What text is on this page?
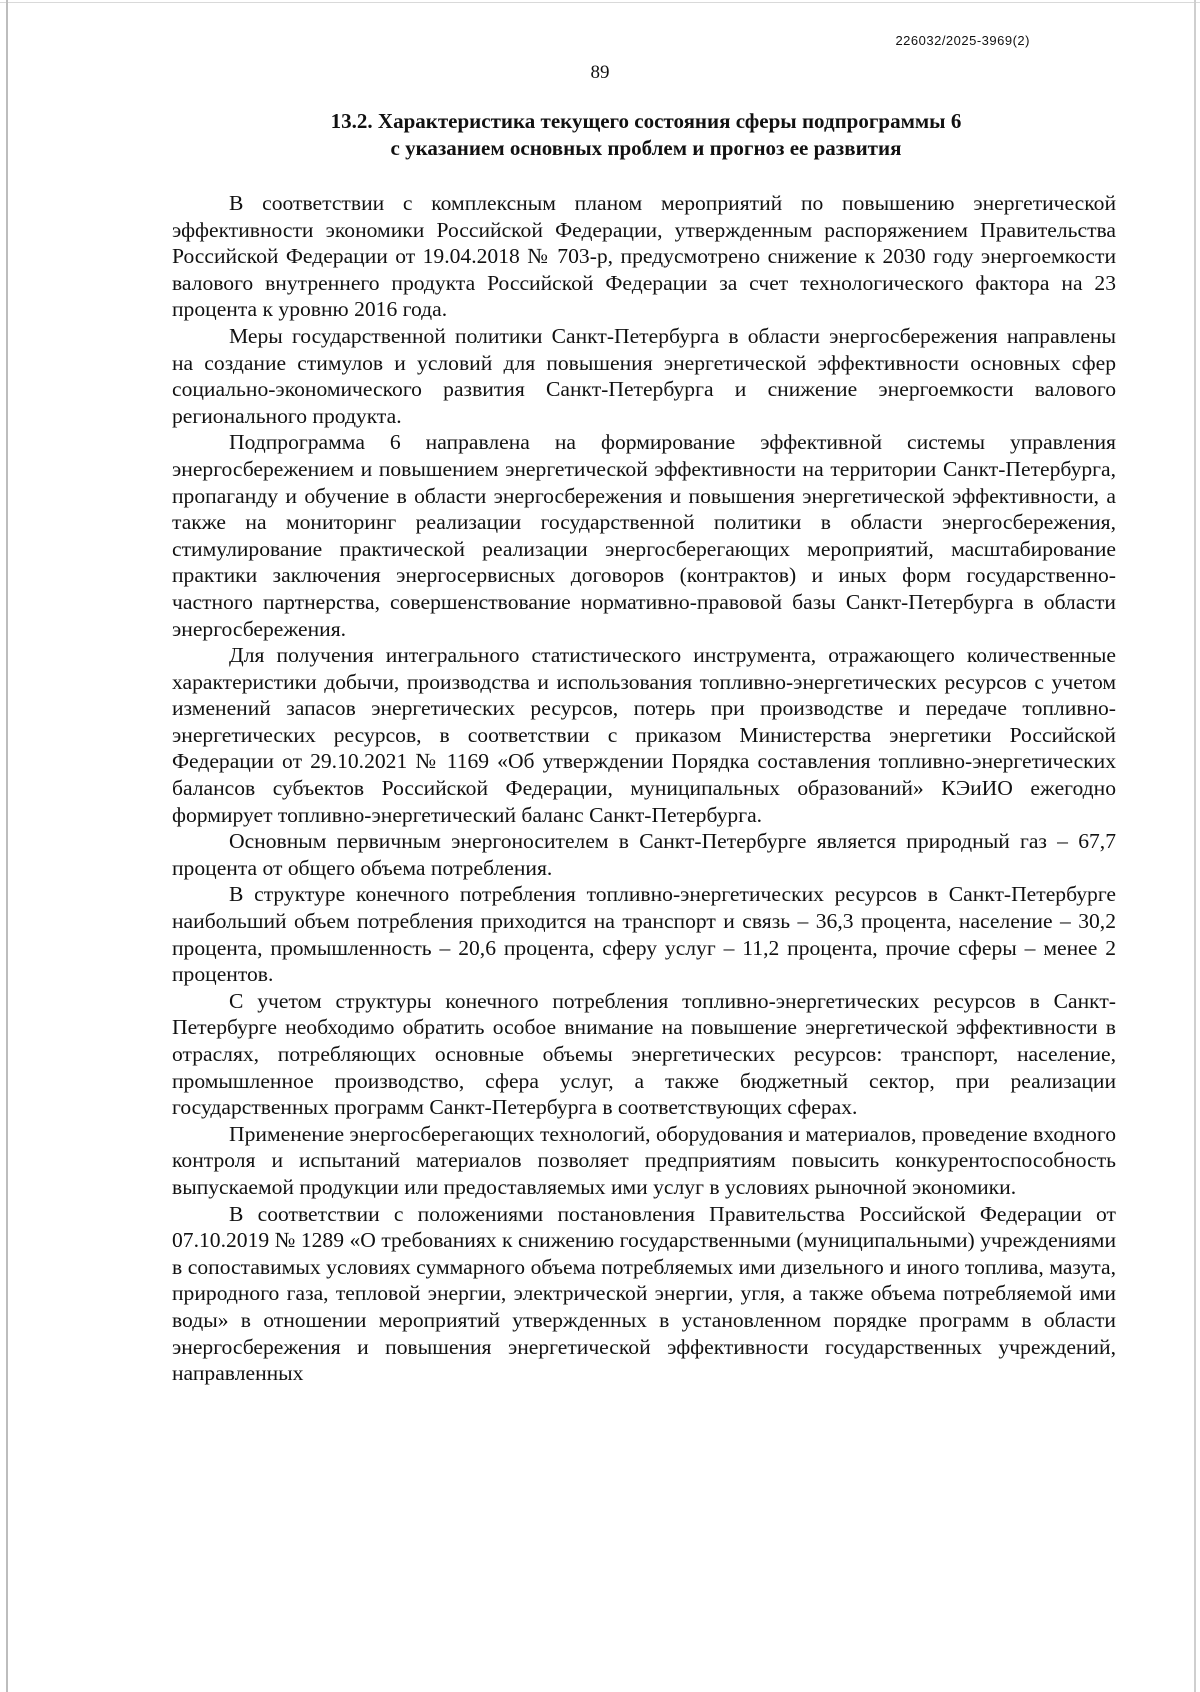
226032/2025-3969(2)
89
13.2. Характеристика текущего состояния сферы подпрограммы 6
с указанием основных проблем и прогноз ее развития

В соответствии с комплексным планом мероприятий по повышению энергетической эффективности экономики Российской Федерации, утвержденным распоряжением Правительства Российской Федерации от 19.04.2018 № 703-р, предусмотрено снижение к 2030 году энергоемкости валового внутреннего продукта Российской Федерации за счет технологического фактора на 23 процента к уровню 2016 года.

Меры государственной политики Санкт-Петербурга в области энергосбережения направлены на создание стимулов и условий для повышения энергетической эффективности основных сфер социально-экономического развития Санкт-Петербурга и снижение энергоемкости валового регионального продукта.

Подпрограмма 6 направлена на формирование эффективной системы управления энергосбережением и повышением энергетической эффективности на территории Санкт-Петербурга, пропаганду и обучение в области энергосбережения и повышения энергетической эффективности, а также на мониторинг реализации государственной политики в области энергосбережения, стимулирование практической реализации энергосберегающих мероприятий, масштабирование практики заключения энергосервисных договоров (контрактов) и иных форм государственно-частного партнерства, совершенствование нормативно-правовой базы Санкт-Петербурга в области энергосбережения.

Для получения интегрального статистического инструмента, отражающего количественные характеристики добычи, производства и использования топливно-энергетических ресурсов с учетом изменений запасов энергетических ресурсов, потерь при производстве и передаче топливно-энергетических ресурсов, в соответствии с приказом Министерства энергетики Российской Федерации от 29.10.2021 № 1169 «Об утверждении Порядка составления топливно-энергетических балансов субъектов Российской Федерации, муниципальных образований» КЭиИО ежегодно формирует топливно-энергетический баланс Санкт-Петербурга.

Основным первичным энергоносителем в Санкт-Петербурге является природный газ – 67,7 процента от общего объема потребления.

В структуре конечного потребления топливно-энергетических ресурсов в Санкт-Петербурге наибольший объем потребления приходится на транспорт и связь – 36,3 процента, население – 30,2 процента, промышленность – 20,6 процента, сферу услуг – 11,2 процента, прочие сферы – менее 2 процентов.

С учетом структуры конечного потребления топливно-энергетических ресурсов в Санкт-Петербурге необходимо обратить особое внимание на повышение энергетической эффективности в отраслях, потребляющих основные объемы энергетических ресурсов: транспорт, население, промышленное производство, сфера услуг, а также бюджетный сектор, при реализации государственных программ Санкт-Петербурга в соответствующих сферах.

Применение энергосберегающих технологий, оборудования и материалов, проведение входного контроля и испытаний материалов позволяет предприятиям повысить конкурентоспособность выпускаемой продукции или предоставляемых ими услуг в условиях рыночной экономики.

В соответствии с положениями постановления Правительства Российской Федерации от 07.10.2019 № 1289 «О требованиях к снижению государственными (муниципальными) учреждениями в сопоставимых условиях суммарного объема потребляемых ими дизельного и иного топлива, мазута, природного газа, тепловой энергии, электрической энергии, угля, а также объема потребляемой ими воды» в отношении мероприятий утвержденных в установленном порядке программ в области энергосбережения и повышения энергетической эффективности государственных учреждений, направленных
